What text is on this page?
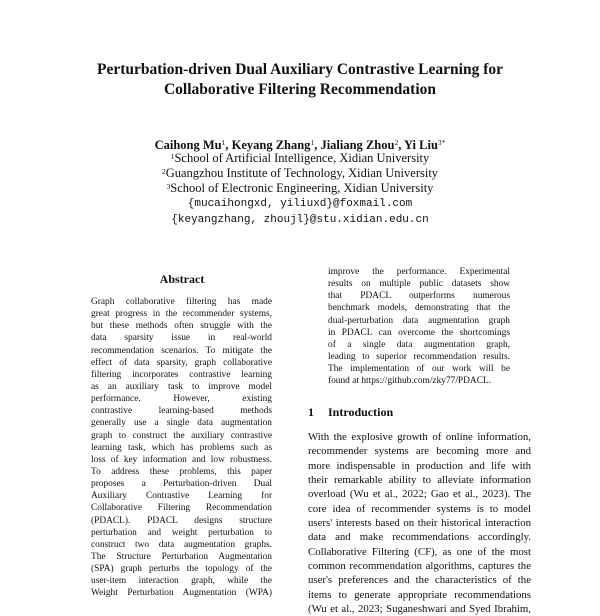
Perturbation-driven Dual Auxiliary Contrastive Learning for
Collaborative Filtering Recommendation
Caihong Mu$^1$, Keyang Zhang$^1$, Jialiang Zhou$^2$, Yi Liu$^{3*}$
$^1$School of Artificial Intelligence, Xidian University
$^2$Guangzhou Institute of Technology, Xidian University
$^3$School of Electronic Engineering, Xidian University
{mucaihongxd, yiliuxd}@foxmail.com
{keyangzhang, zhoujl}@stu.xidian.edu.cn
Abstract
Graph collaborative filtering has made
great progress in the recommender systems,
but these methods often struggle with the
data sparsity issue in real-world
recommendation scenarios. To mitigate the
effect of data sparsity, graph collaborative
filtering incorporates contrastive learning
as an auxiliary task to improve model
performance. However, existing
contrastive learning-based methods
generally use a single data augmentation
graph to construct the auxiliary contrastive
learning task, which has problems such as
loss of key information and low robustness.
To address these problems, this paper
proposes a Perturbation-driven Dual
Auxiliary Contrastive Learning for
Collaborative Filtering Recommendation
(PDACL). PDACL designs structure
perturbation and weight perturbation to
construct two data augmentation graphs.
The Structure Perturbation Augmentation
(SPA) graph perturbs the topology of the
user-item interaction graph, while the
Weight Perturbation Augmentation (WPA)
improve the performance. Experimental
results on multiple public datasets show
that PDACL outperforms numerous
benchmark models, demonstrating that the
dual-perturbation data augmentation graph
in PDACL can overcome the shortcomings
of a single data augmentation graph,
leading to superior recommendation results.
The implementation of our work will be
found at https://github.com/zky77/PDACL.
1 Introduction
With the explosive growth of online information,
recommender systems are becoming more and
more indispensable in production and life with
their remarkable ability to alleviate information
overload (Wu et al., 2022; Gao et al., 2023). The
core idea of recommender systems is to model
users' interests based on their historical interaction
data and make recommendations accordingly.
Collaborative Filtering (CF), as one of the most
common recommendation algorithms, captures the
user's preferences and the characteristics of the
items to generate appropriate recommendations
(Wu et al., 2023; Suganeshwari and Syed Ibrahim,
